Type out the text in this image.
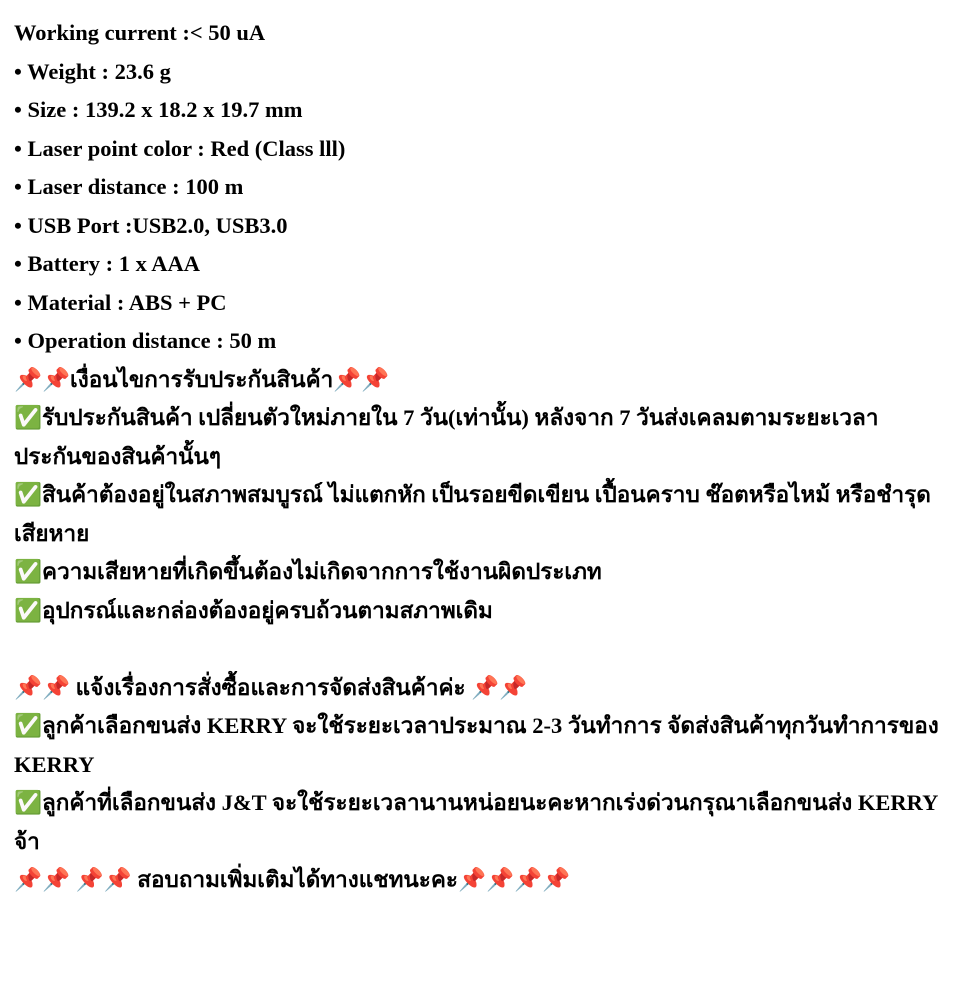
Working current :< 50 uA
• Weight : 23.6 g
• Size : 139.2 x 18.2 x 19.7 mm
• Laser point color : Red (Class lll)
• Laser distance : 100 m
• USB Port :USB2.0, USB3.0
• Battery : 1 x AAA
• Material : ABS + PC
• Operation distance : 50 m
📌📌เงื่อนไขการรับประกันสินค้า📌📌
✅รับประกันสินค้า เปลี่ยนตัวใหม่ภายใน 7 วัน(เท่านั้น) หลังจาก 7 วันส่งเคลมตามระยะเวลาประกันของสินค้านั้นๆ
✅สินค้าต้องอยู่ในสภาพสมบูรณ์ ไม่แตกหัก เป็นรอยขีดเขียน เปื้อนคราบ ช๊อตหรือไหม้ หรือชำรุดเสียหาย
✅ความเสียหายที่เกิดขึ้นต้องไม่เกิดจากการใช้งานผิดประเภท
✅อุปกรณ์และกล่องต้องอยู่ครบถ้วนตามสภาพเดิม
📌📌 แจ้งเรื่องการสั่งซื้อและการจัดส่งสินค้าค่ะ 📌📌
✅ลูกค้าเลือกขนส่ง KERRY จะใช้ระยะเวลาประมาณ 2-3 วันทำการ จัดส่งสินค้าทุกวันทำการของ KERRY
✅ลูกค้าที่เลือกขนส่ง J&T จะใช้ระยะเวลานานหน่อยนะคะหากเร่งด่วนกรุณาเลือกขนส่ง KERRY จ้า
📌📌 📌📌 สอบถามเพิ่มเติมได้ทางแชทนะคะ📌📌📌📌
